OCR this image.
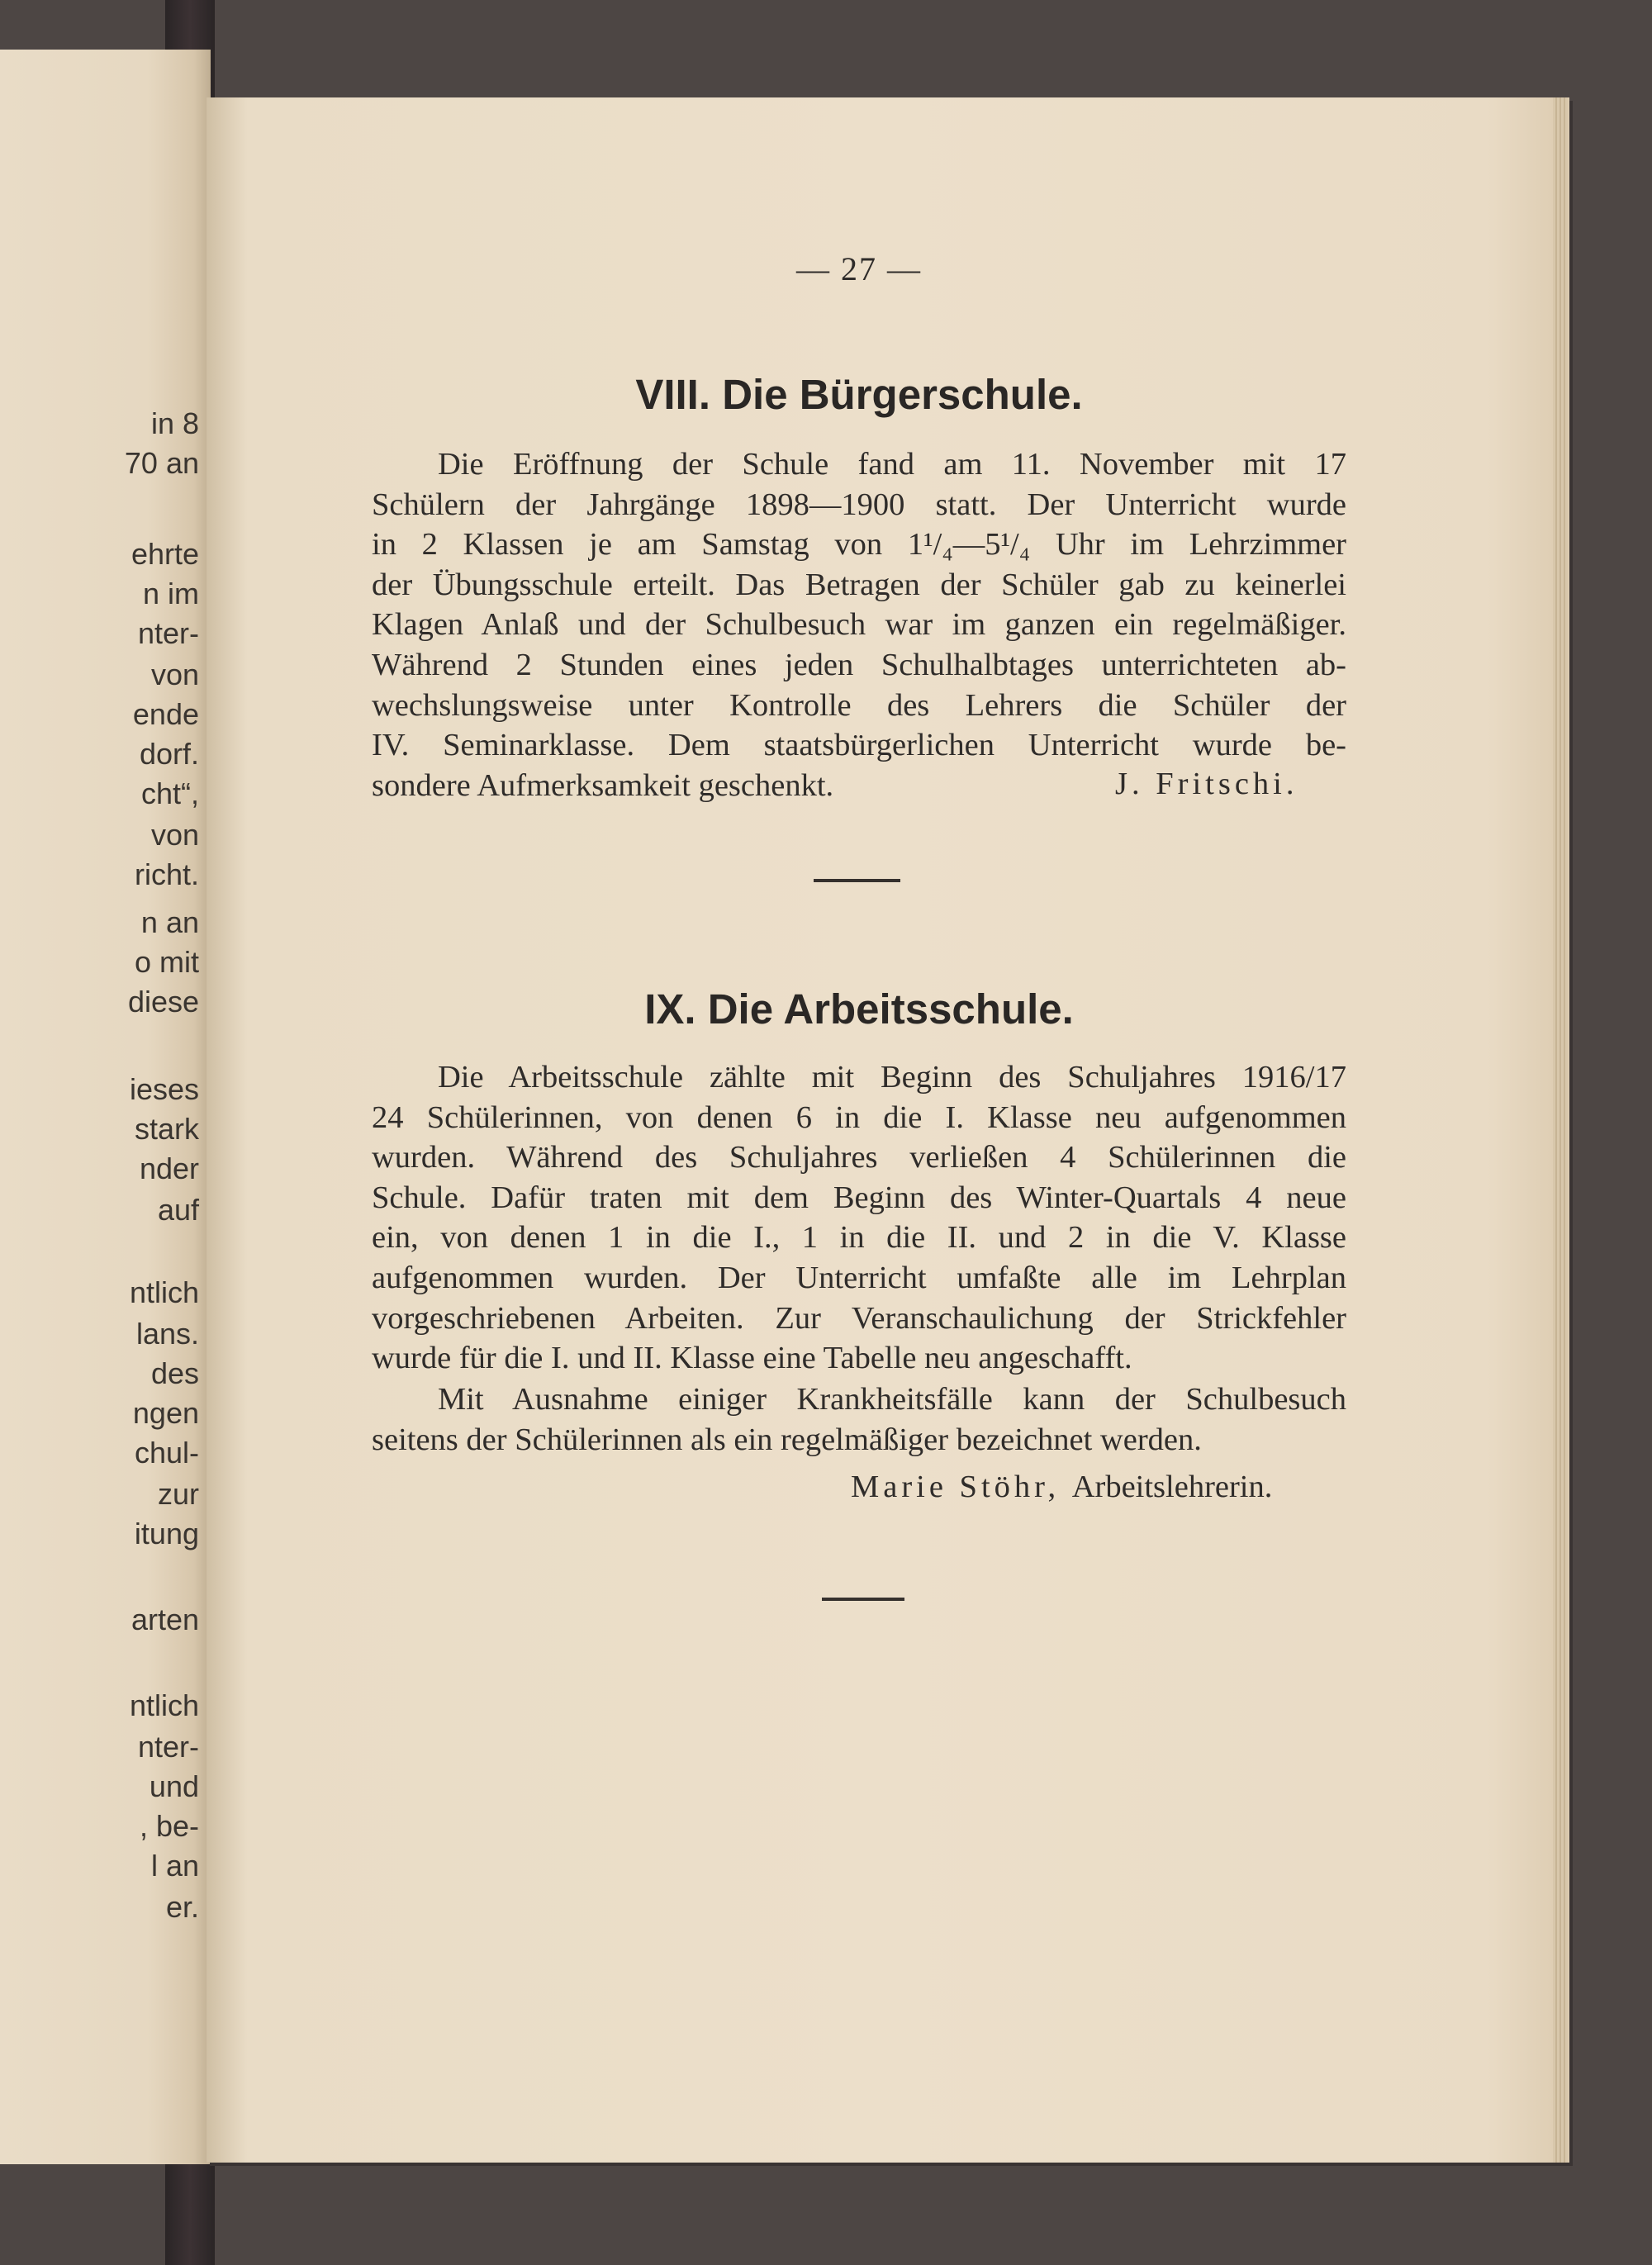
in 8
70 an
ehrte
n im
nter-
von
ende
dorf.
cht“,
von
richt.
n an
o mit
diese
ieses
stark
nder
auf
ntlich
lans.
des
ngen
chul-
zur
itung
arten
ntlich
nter-
und
, be-
l an
er.
— 27 —
VIII. Die Bürgerschule.
Die Eröffnung der Schule fand am 11. November mit 17
Schülern der Jahrgänge 1898—1900 statt. Der Unterricht wurde
in 2 Klassen je am Samstag von 1¹/₄—5¹/₄ Uhr im Lehrzimmer
der Übungsschule erteilt. Das Betragen der Schüler gab zu keinerlei
Klagen Anlaß und der Schulbesuch war im ganzen ein regelmäßiger.
Während 2 Stunden eines jeden Schulhalbtages unterrichteten ab-
wechslungsweise unter Kontrolle des Lehrers die Schüler der
IV. Seminarklasse. Dem staatsbürgerlichen Unterricht wurde be-
sondere Aufmerksamkeit geschenkt.	J. Fritschi.
IX. Die Arbeitsschule.
Die Arbeitsschule zählte mit Beginn des Schuljahres 1916/17
24 Schülerinnen, von denen 6 in die I. Klasse neu aufgenommen
wurden. Während des Schuljahres verließen 4 Schülerinnen die
Schule. Dafür traten mit dem Beginn des Winter-Quartals 4 neue
ein, von denen 1 in die I., 1 in die II. und 2 in die V. Klasse
aufgenommen wurden. Der Unterricht umfaßte alle im Lehrplan
vorgeschriebenen Arbeiten. Zur Veranschaulichung der Strickfehler
wurde für die I. und II. Klasse eine Tabelle neu angeschafft.
Mit Ausnahme einiger Krankheitsfälle kann der Schulbesuch
seitens der Schülerinnen als ein regelmäßiger bezeichnet werden.
Marie Stöhr, Arbeitslehrerin.
